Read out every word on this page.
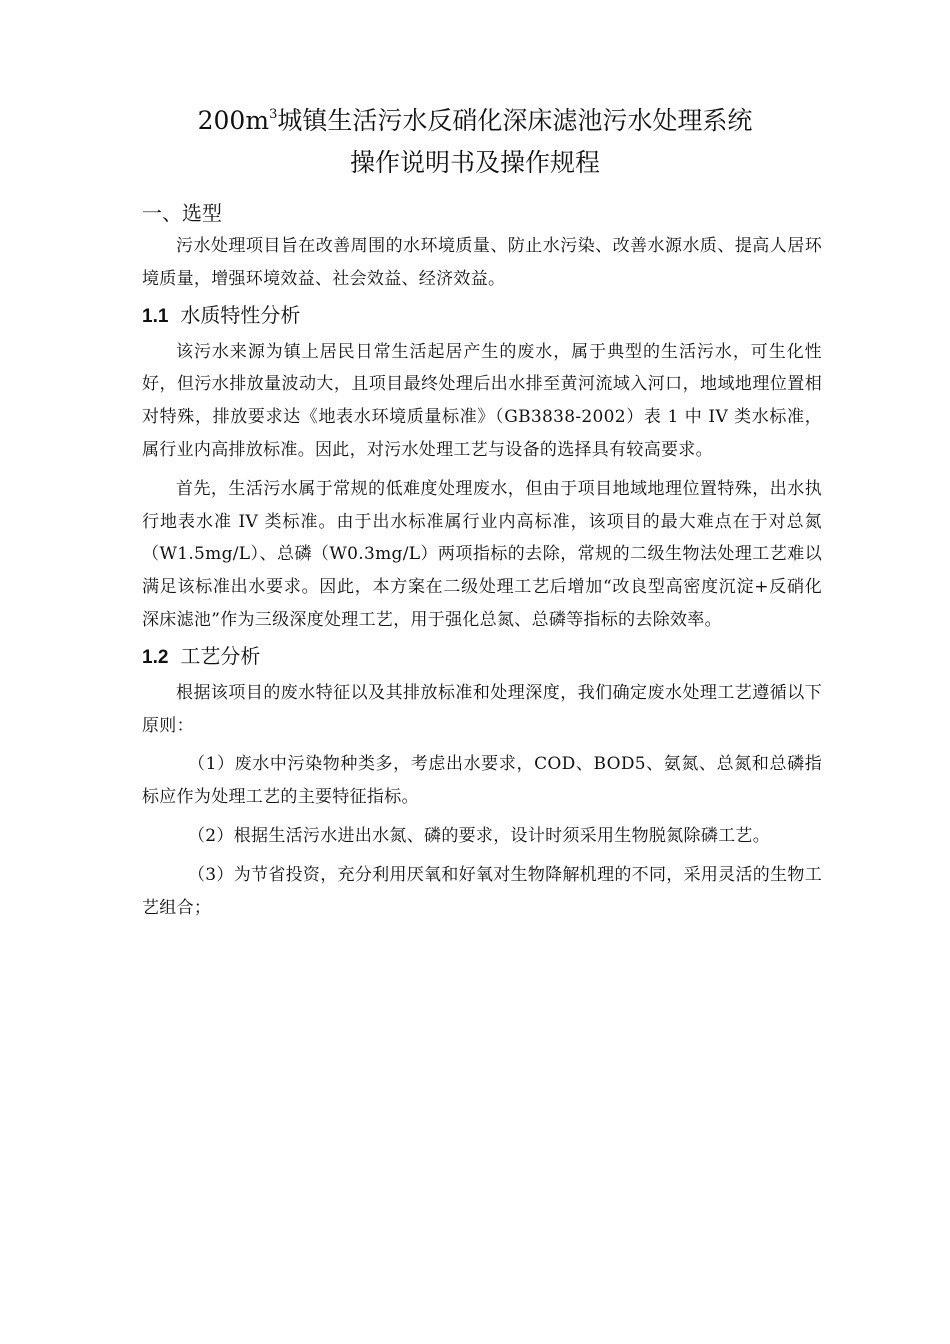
$200m^3$城镇生活污水反硝化深床滤池污水处理系统
操作说明书及操作规程
一、选型
污水处理项目旨在改善周围的水环境质量、防止水污染、改善水源水质、提高人居环境质量，增强环境效益、社会效益、经济效益。
1.1 水质特性分析
该污水来源为镇上居民日常生活起居产生的废水，属于典型的生活污水，可生化性好，但污水排放量波动大，且项目最终处理后出水排至黄河流域入河口，地域地理位置相对特殊，排放要求达《地表水环境质量标准》（GB3838-2002）表 1 中 IV 类水标准，属行业内高排放标准。因此，对污水处理工艺与设备的选择具有较高要求。
首先，生活污水属于常规的低难度处理废水，但由于项目地域地理位置特殊，出水执行地表水准 IV 类标准。由于出水标准属行业内高标准，该项目的最大难点在于对总氮（W1.5mg/L）、总磷（W0.3mg/L）两项指标的去除，常规的二级生物法处理工艺难以满足该标准出水要求。因此，本方案在二级处理工艺后增加“改良型高密度沉淀+反硝化深床滤池”作为三级深度处理工艺，用于强化总氮、总磷等指标的去除效率。
1.2 工艺分析
根据该项目的废水特征以及其排放标准和处理深度，我们确定废水处理工艺遵循以下原则：
（1）废水中污染物种类多，考虑出水要求，COD、BOD5、氨氮、总氮和总磷指标应作为处理工艺的主要特征指标。
（2）根据生活污水进出水氮、磷的要求，设计时须采用生物脱氮除磷工艺。
（3）为节省投资，充分利用厌氧和好氧对生物降解机理的不同，采用灵活的生物工艺组合；
